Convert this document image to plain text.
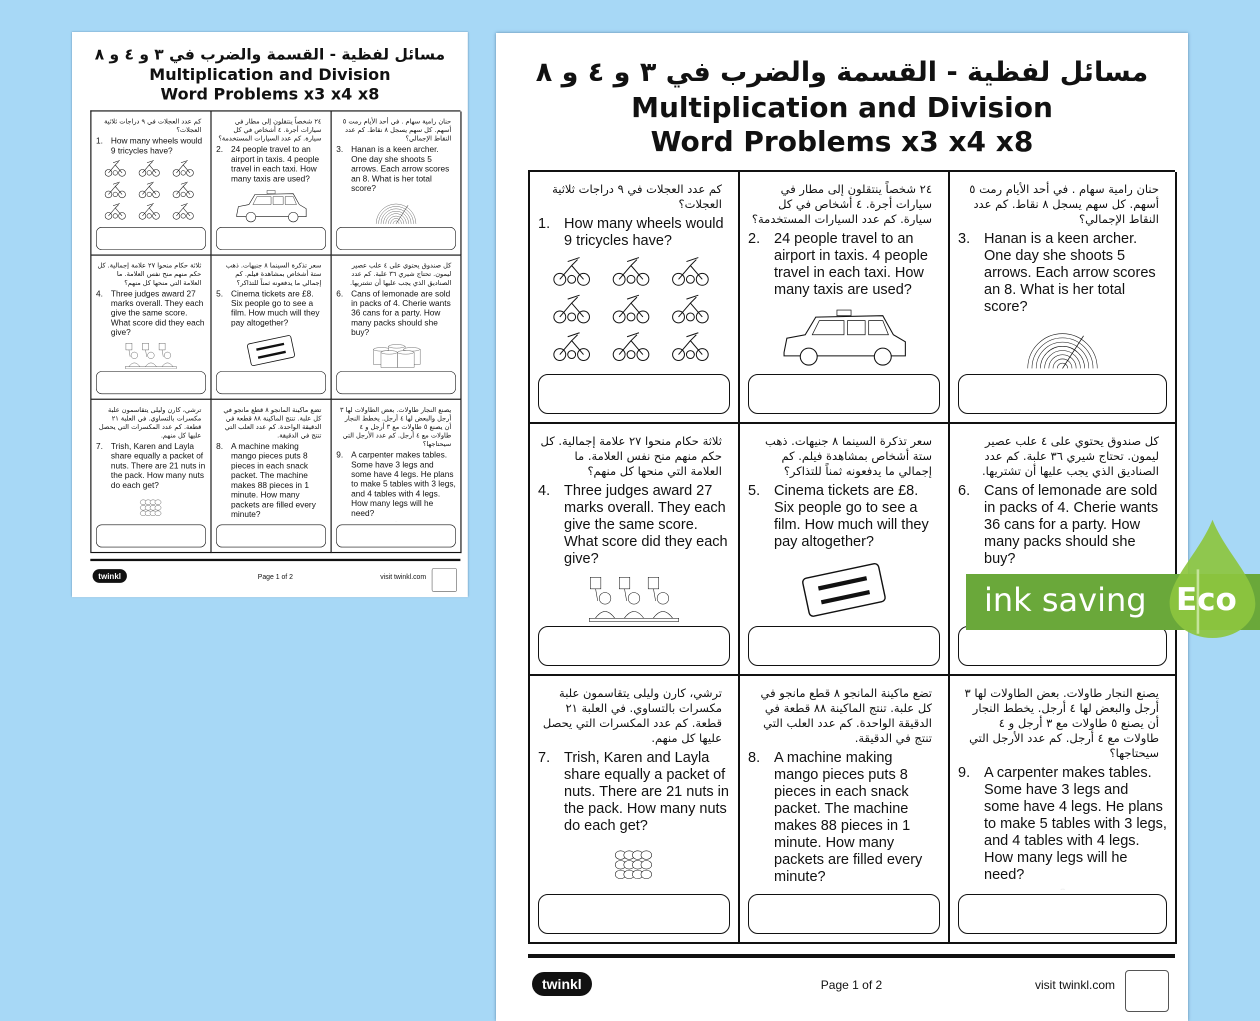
مسائل لفظية - القسمة والضرب في ٣ و ٤ و ٨
Multiplication and Division
Word Problems x3 x4 x8
كم عدد العجلات في ٩ دراجات ثلاثية العجلات؟
1. How many wheels would 9 tricycles have?
٢٤ شخصاً ينتقلون إلى مطار في سيارات أجرة. ٤ أشخاص في كل سيارة. كم عدد السيارات المستخدمة؟
2. 24 people travel to an airport in taxis. 4 people travel in each taxi. How many taxis are used?
حنان رامية سهام . في أحد الأيام رمت ٥ أسهم. كل سهم يسجل ٨ نقاط. كم عدد النقاط الإجمالي؟
3. Hanan is a keen archer. One day she shoots 5 arrows. Each arrow scores an 8. What is her total score?
ثلاثة حكام منحوا ٢٧ علامة إجمالية. كل حكم منهم منح نفس العلامة. ما العلامة التي منحها كل منهم؟
4. Three judges award 27 marks overall. They each give the same score. What score did they each give?
سعر تذكرة السينما ٨ جنيهات. ذهب ستة أشخاص بمشاهدة فيلم. كم إجمالي ما يدفعونه ثمناً للتذاكر؟
5. Cinema tickets are £8. Six people go to see a film. How much will they pay altogether?
كل صندوق يحتوي على ٤ علب عصير ليمون. تحتاج شيري ٣٦ علبة. كم عدد الصناديق الذي يجب عليها أن تشتريها.
6. Cans of lemonade are sold in packs of 4. Cherie wants 36 cans for a party. How many packs should she buy?
ترشي، كارن وليلى يتقاسمون علبة مكسرات بالتساوي. في العلبة ٢١ قطعة. كم عدد المكسرات التي يحصل عليها كل منهم.
7. Trish, Karen and Layla share equally a packet of nuts. There are 21 nuts in the pack. How many nuts do each get?
تضع ماكينة المانجو ٨ قطع مانجو في كل علبة. تنتج الماكينة ٨٨ قطعة في الدقيقة الواحدة. كم عدد العلب التي تنتج في الدقيقة.
8. A machine making mango pieces puts 8 pieces in each snack packet. The machine makes 88 pieces in 1 minute. How many packets are filled every minute?
يصنع النجار طاولات. بعض الطاولات لها ٣ أرجل والبعض لها ٤ أرجل. يخطط النجار أن يصنع ٥ طاولات مع ٣ أرجل و ٤ طاولات مع ٤ أرجل. كم عدد الأرجل التي سيحتاجها؟
9. A carpenter makes tables. Some have 3 legs and some have 4 legs. He plans to make 5 tables with 3 legs, and 4 tables with 4 legs. How many legs will he need?
twinkl	Page 1 of 2	visit twinkl.com
مسائل لفظية - القسمة والضرب في ٣ و ٤ و ٨
Multiplication and Division
Word Problems x3 x4 x8
كم عدد العجلات في ٩ دراجات ثلاثية العجلات؟
1. How many wheels would 9 tricycles have?
٢٤ شخصاً ينتقلون إلى مطار في سيارات أجرة. ٤ أشخاص في كل سيارة. كم عدد السيارات المستخدمة؟
2. 24 people travel to an airport in taxis. 4 people travel in each taxi. How many taxis are used?
حنان رامية سهام . في أحد الأيام رمت ٥ أسهم. كل سهم يسجل ٨ نقاط. كم عدد النقاط الإجمالي؟
3. Hanan is a keen archer. One day she shoots 5 arrows. Each arrow scores an 8. What is her total score?
ثلاثة حكام منحوا ٢٧ علامة إجمالية. كل حكم منهم منح نفس العلامة. ما العلامة التي منحها كل منهم؟
4. Three judges award 27 marks overall. They each give the same score. What score did they each give?
سعر تذكرة السينما ٨ جنيهات. ذهب ستة أشخاص بمشاهدة فيلم. كم إجمالي ما يدفعونه ثمناً للتذاكر؟
5. Cinema tickets are £8. Six people go to see a film. How much will they pay altogether?
كل صندوق يحتوي على ٤ علب عصير ليمون. تحتاج شيري ٣٦ علبة. كم عدد الصناديق الذي يجب عليها أن تشتريها.
6. Cans of lemonade are sold in packs of 4. Cherie wants 36 cans for a party. How many packs should she buy?
ترشي، كارن وليلى يتقاسمون علبة مكسرات بالتساوي. في العلبة ٢١ قطعة. كم عدد المكسرات التي يحصل عليها كل منهم.
7. Trish, Karen and Layla share equally a packet of nuts. There are 21 nuts in the pack. How many nuts do each get?
تضع ماكينة المانجو ٨ قطع مانجو في كل علبة. تنتج الماكينة ٨٨ قطعة في الدقيقة الواحدة. كم عدد العلب التي تنتج في الدقيقة.
8. A machine making mango pieces puts 8 pieces in each snack packet. The machine makes 88 pieces in 1 minute. How many packets are filled every minute?
يصنع النجار طاولات. بعض الطاولات لها ٣ أرجل والبعض لها ٤ أرجل. يخطط النجار أن يصنع ٥ طاولات مع ٣ أرجل و ٤ طاولات مع ٤ أرجل. كم عدد الأرجل التي سيحتاجها؟
9. A carpenter makes tables. Some have 3 legs and some have 4 legs. He plans to make 5 tables with 3 legs, and 4 tables with 4 legs. How many legs will he need?
twinkl	Page 1 of 2	visit twinkl.com
ink saving Eco
